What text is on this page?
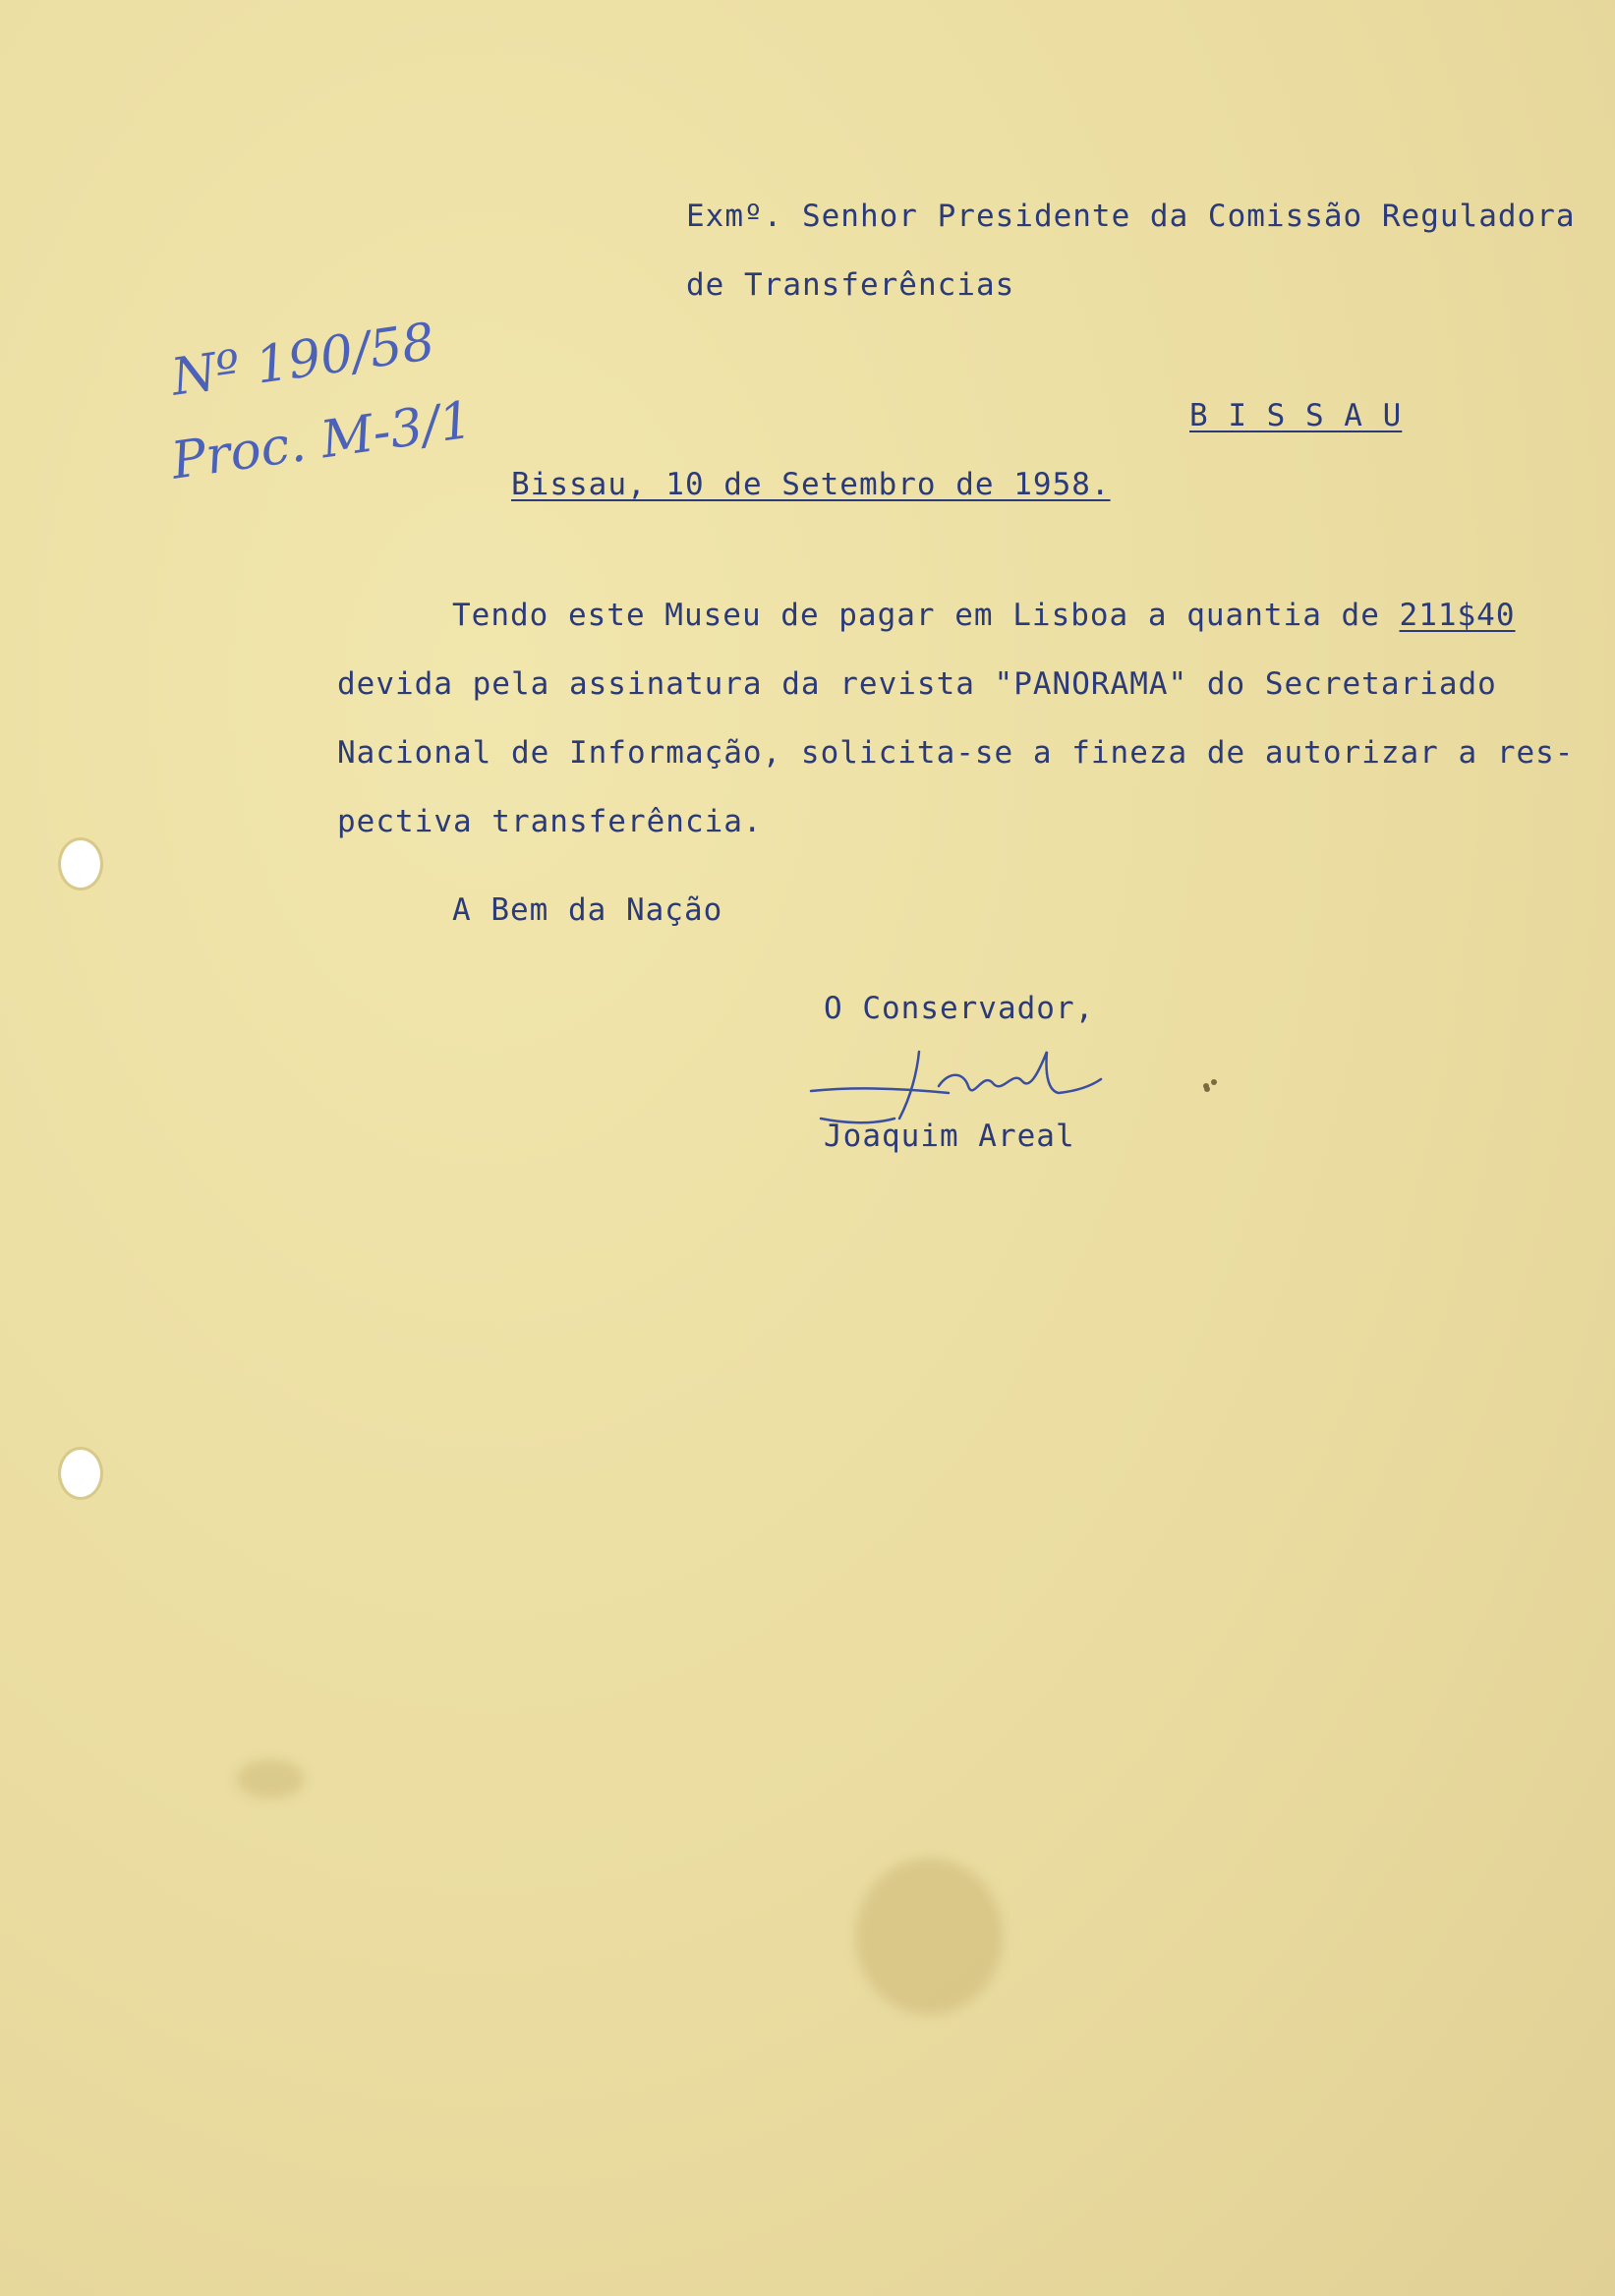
Exmº. Senhor Presidente da Comissão Reguladora
de Transferências
Nº 190/58
Proc. M-3/1	B I S S A U
Bissau, 10 de Setembro de 1958.
Tendo este Museu de pagar em Lisboa a quantia de 211$40
devida pela assinatura da revista "PANORAMA" do Secretariado
Nacional de Informação, solicita-se a fineza de autorizar a res-
pectiva transferência.
A Bem da Nação
O Conservador,
Joaquim Areal
